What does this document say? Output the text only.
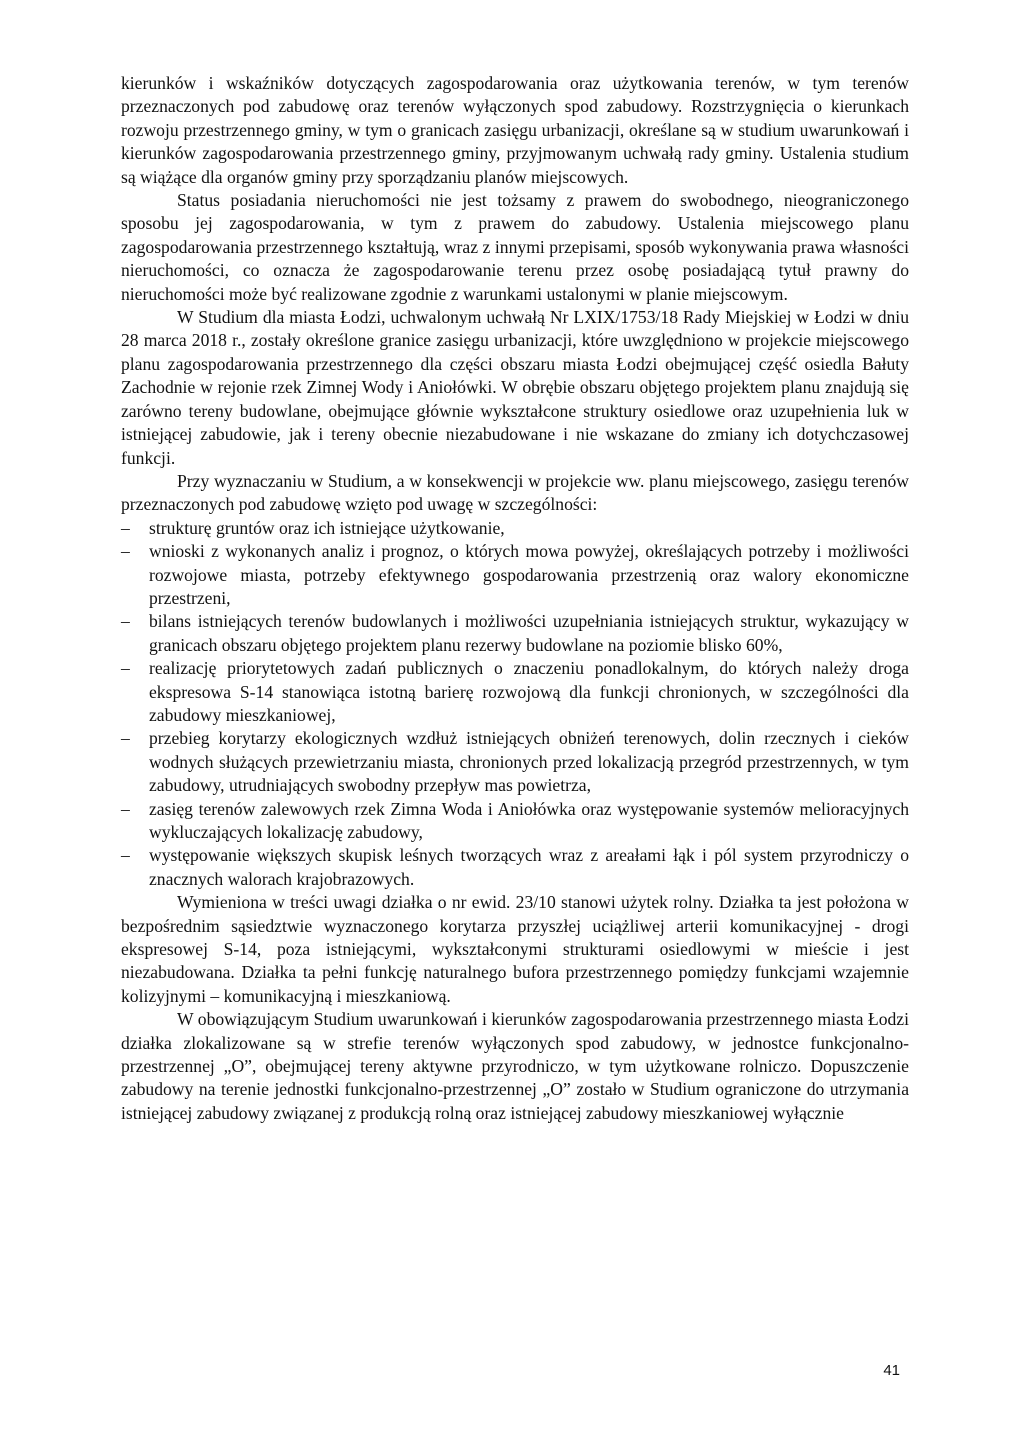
kierunków i wskaźników dotyczących zagospodarowania oraz użytkowania terenów, w tym terenów przeznaczonych pod zabudowę oraz terenów wyłączonych spod zabudowy. Rozstrzygnięcia o kierunkach rozwoju przestrzennego gminy, w tym o granicach zasięgu urbanizacji, określane są w studium uwarunkowań i kierunków zagospodarowania przestrzennego gminy, przyjmowanym uchwałą rady gminy. Ustalenia studium są wiążące dla organów gminy przy sporządzaniu planów miejscowych.

Status posiadania nieruchomości nie jest tożsamy z prawem do swobodnego, nieograniczonego sposobu jej zagospodarowania, w tym z prawem do zabudowy. Ustalenia miejscowego planu zagospodarowania przestrzennego kształtują, wraz z innymi przepisami, sposób wykonywania prawa własności nieruchomości, co oznacza że zagospodarowanie terenu przez osobę posiadającą tytuł prawny do nieruchomości może być realizowane zgodnie z warunkami ustalonymi w planie miejscowym.

W Studium dla miasta Łodzi, uchwalonym uchwałą Nr LXIX/1753/18 Rady Miejskiej w Łodzi w dniu 28 marca 2018 r., zostały określone granice zasięgu urbanizacji, które uwzględniono w projekcie miejscowego planu zagospodarowania przestrzennego dla części obszaru miasta Łodzi obejmującej część osiedla Bałuty Zachodnie w rejonie rzek Zimnej Wody i Aniołówki. W obrębie obszaru objętego projektem planu znajdują się zarówno tereny budowlane, obejmujące głównie wykształcone struktury osiedlowe oraz uzupełnienia luk w istniejącej zabudowie, jak i tereny obecnie niezabudowane i nie wskazane do zmiany ich dotychczasowej funkcji.

Przy wyznaczaniu w Studium, a w konsekwencji w projekcie ww. planu miejscowego, zasięgu terenów przeznaczonych pod zabudowę wzięto pod uwagę w szczególności:

– strukturę gruntów oraz ich istniejące użytkowanie,
– wnioski z wykonanych analiz i prognoz, o których mowa powyżej, określających potrzeby i możliwości rozwojowe miasta, potrzeby efektywnego gospodarowania przestrzenią oraz walory ekonomiczne przestrzeni,
– bilans istniejących terenów budowlanych i możliwości uzupełniania istniejących struktur, wykazujący w granicach obszaru objętego projektem planu rezerwy budowlane na poziomie blisko 60%,
– realizację priorytetowych zadań publicznych o znaczeniu ponadlokalnym, do których należy droga ekspresowa S-14 stanowiąca istotną barierę rozwojową dla funkcji chronionych, w szczególności dla zabudowy mieszkaniowej,
– przebieg korytarzy ekologicznych wzdłuż istniejących obniżeń terenowych, dolin rzecznych i cieków wodnych służących przewietrzaniu miasta, chronionych przed lokalizacją przegród przestrzennych, w tym zabudowy, utrudniających swobodny przepływ mas powietrza,
– zasięg terenów zalewowych rzek Zimna Woda i Aniołówka oraz występowanie systemów melioracyjnych wykluczających lokalizację zabudowy,
– występowanie większych skupisk leśnych tworzących wraz z areałami łąk i pól system przyrodniczy o znacznych walorach krajobrazowych.

Wymieniona w treści uwagi działka o nr ewid. 23/10 stanowi użytek rolny. Działka ta jest położona w bezpośrednim sąsiedztwie wyznaczonego korytarza przyszłej uciążliwej arterii komunikacyjnej - drogi ekspresowej S-14, poza istniejącymi, wykształconymi strukturami osiedlowymi w mieście i jest niezabudowana. Działka ta pełni funkcję naturalnego bufora przestrzennego pomiędzy funkcjami wzajemnie kolizyjnymi – komunikacyjną i mieszkaniową.

W obowiązującym Studium uwarunkowań i kierunków zagospodarowania przestrzennego miasta Łodzi działka zlokalizowane są w strefie terenów wyłączonych spod zabudowy, w jednostce funkcjonalno-przestrzennej „O”, obejmującej tereny aktywne przyrodniczo, w tym użytkowane rolniczo. Dopuszczenie zabudowy na terenie jednostki funkcjonalno-przestrzennej „O” zostało w Studium ograniczone do utrzymania istniejącej zabudowy związanej z produkcją rolną oraz istniejącej zabudowy mieszkaniowej wyłącznie

41
